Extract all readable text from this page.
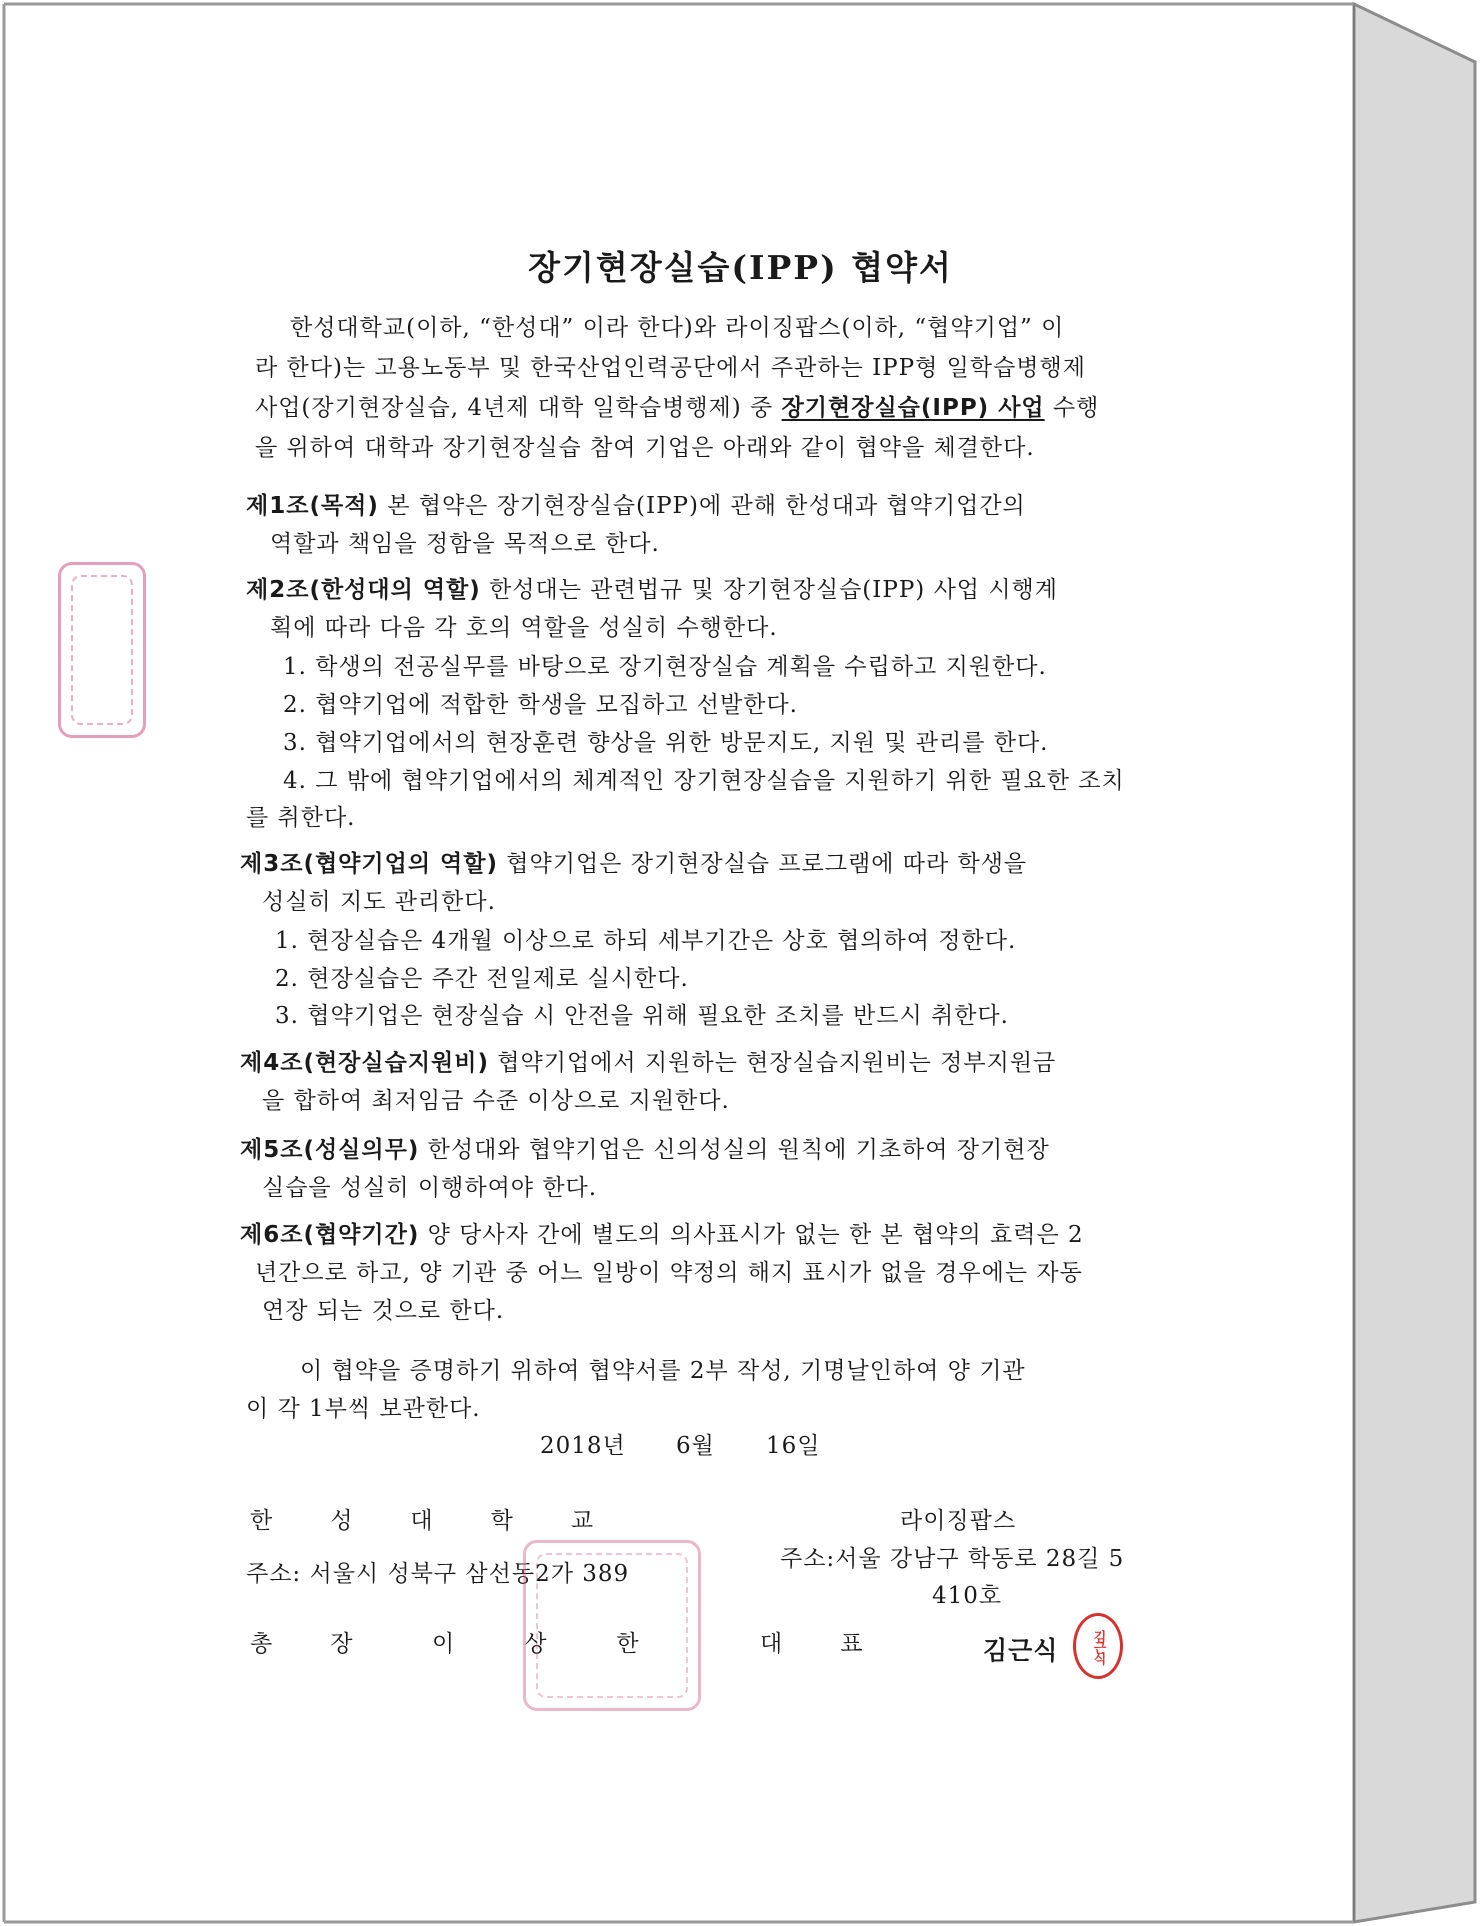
장기현장실습(IPP) 협약서

한성대학교(이하, “한성대” 이라 한다)와 라이징팝스(이하, “협약기업” 이

라 한다)는 고용노동부 및 한국산업인력공단에서 주관하는 IPP형 일학습병행제

사업(장기현장실습, 4년제 대학 일학습병행제) 중 장기현장실습(IPP) 사업 수행

을 위하여 대학과 장기현장실습 참여 기업은 아래와 같이 협약을 체결한다.

제1조(목적) 본 협약은 장기현장실습(IPP)에 관해 한성대과 협약기업간의

역할과 책임을 정함을 목적으로 한다.

제2조(한성대의 역할) 한성대는 관련법규 및 장기현장실습(IPP) 사업 시행계

획에 따라 다음 각 호의 역할을 성실히 수행한다.

1. 학생의 전공실무를 바탕으로 장기현장실습 계획을 수립하고 지원한다.

2. 협약기업에 적합한 학생을 모집하고 선발한다.

3. 협약기업에서의 현장훈련 향상을 위한 방문지도, 지원 및 관리를 한다.

4. 그 밖에 협약기업에서의 체계적인 장기현장실습을 지원하기 위한 필요한 조치

를 취한다.

제3조(협약기업의 역할) 협약기업은 장기현장실습 프로그램에 따라 학생을

성실히 지도 관리한다.

1. 현장실습은 4개월 이상으로 하되 세부기간은 상호 협의하여 정한다.

2. 현장실습은 주간 전일제로 실시한다.

3. 협약기업은 현장실습 시 안전을 위해 필요한 조치를 반드시 취한다.

제4조(현장실습지원비) 협약기업에서 지원하는 현장실습지원비는 정부지원금

을 합하여 최저임금 수준 이상으로 지원한다.

제5조(성실의무) 한성대와 협약기업은 신의성실의 원칙에 기초하여 장기현장

실습을 성실히 이행하여야 한다.

제6조(협약기간) 양 당사자 간에 별도의 의사표시가 없는 한 본 협약의 효력은 2

년간으로 하고, 양 기관 중 어느 일방이 약정의 해지 표시가 없을 경우에는 자동

연장 되는 것으로 한다.

이 협약을 증명하기 위하여 협약서를 2부 작성, 기명날인하여 양 기관

이 각 1부씩 보관한다.

2018년 6월 16일

한성대학교

주소: 서울시 성북구 삼선동2가 389

총장 이상한

라이징팝스

주소:서울 강남구 학동로 28길 5

410호

대표	김근식	김근식
